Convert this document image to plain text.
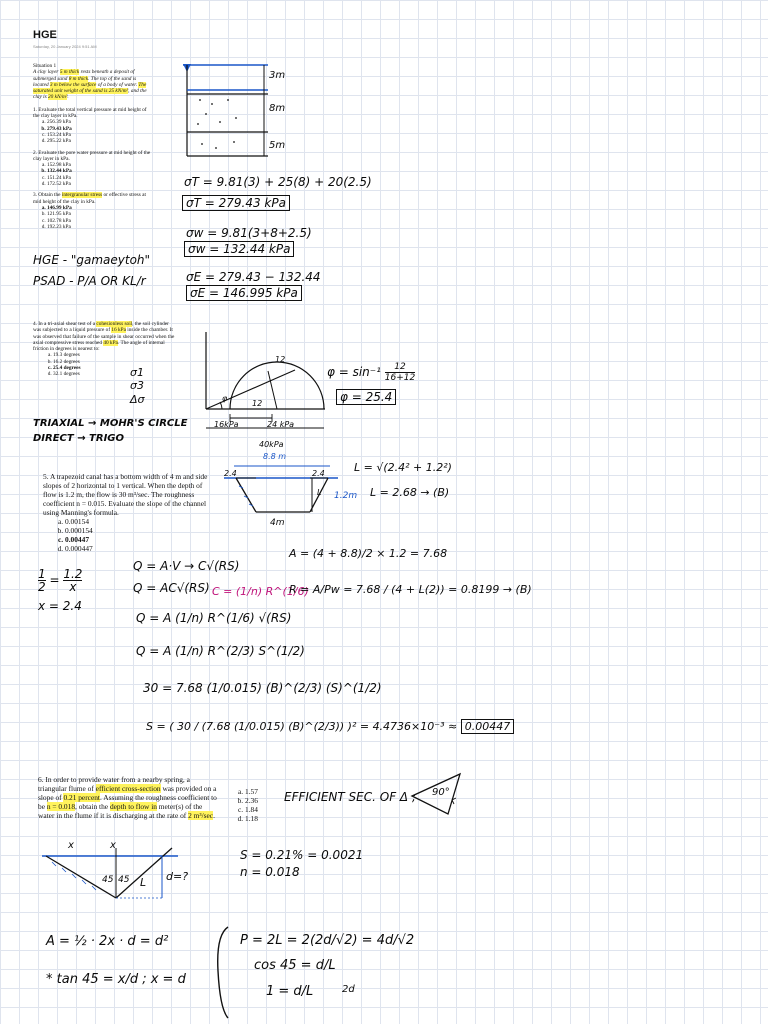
HGE
Saturday, 20 January 2024 9:51 AM
Situation 1
A clay layer 5 m thick rests beneath a deposit of submerged sand 8 m thick. The top of the sand is located 3 m below the surface of a body of water. The saturated unit weight of the sand is 25 kN/m³, and the clay is 20 kN/m³.
1. Evaluate the total vertical pressure at mid height of the clay layer in kPa.
a. 256.39 kPa
b. 279.43 kPa
c. 153.24 kPa
d. 295.22 kPa
2. Evaluate the pore water pressure at mid height of the clay layer in kPa.
a. 152.98 kPa
b. 132.44 kPa
c. 151.24 kPa
d. 172.52 kPa
3. Obtain the intergranular stress or effective stress at mid height of the clay in kPa.
a. 146.99 kPa
b. 121.95 kPa
c. 102.78 kPa
d. 192.23 kPa
3m
8m
5m
σT = 9.81(3) + 25(8) + 20(2.5)
σT = 279.43 kPa
σw = 9.81(3+8+2.5)
σw = 132.44 kPa
σE = 279.43 − 132.44
σE = 146.995 kPa
HGE - "gamaeytoh"
PSAD - P/A OR KL/r
4. In a tri-axial shear test of a cohesionless soil, the soil cylinder was subjected to a liquid pressure of 16 kPa inside the chamber. It was observed that failure of the sample in shear occurred when the axial compressive stress reached 40 kPa. The angle of internal friction in degrees is nearest to:
a. 19.3 degrees
b. 16.2 degrees
c. 25.4 degrees
d. 32.1 degrees	σ1
σ3
Δσ
TRIAXIAL → MOHR'S CIRCLE
DIRECT → TRIGO
12
12
16kPa	24 kPa
40kPa
φ
$\varphi = \sin^{-1} \frac{12}{16+12}$
φ = 25.4
5. A trapezoid canal has a bottom width of 4 m and side slopes of 2 horizontal to 1 vertical. When the depth of flow is 1.2 m, the flow is 30 m³/sec. The roughness coefficient n = 0.015. Evaluate the slope of the channel using Manning's formula.
a. 0.00154
b. 0.000154
c. 0.00447
d. 0.000447
8.8 m
2.4	2.4
L 1.2m
4m
L = √(2.4² + 1.2²)
L = 2.68 → (B)
$\frac{1}{2} = \frac{1.2}{x}$
x = 2.4
Q = A·V → C√(RS)
Q = AC√(RS) C = (1/n) R^(1/6)
Q = A (1/n) R^(1/6) √(RS)
Q = A (1/n) R^(2/3) S^(1/2)
30 = 7.68 (1/0.015) (B)^(2/3) (S)^(1/2)
S = ( 30 / (7.68 (1/0.015) (B)^(2/3)) )² = 4.4736×10⁻³ ≈ 0.00447
A = (4 + 8.8)/2 × 1.2 = 7.68
R = A/Pw = 7.68 / (4 + L(2)) = 0.8199 → (B)
6. In order to provide water from a nearby spring, a triangular flume of efficient cross-section was provided on a slope of 0.21 percent. Assuming the roughness coefficient to be n = 0.018, obtain the depth to flow in meter(s) of the water in the flume if it is discharging at the rate of 2 m³/sec.
a. 1.57
b. 2.36
c. 1.84
d. 1.18
EFFICIENT SEC. OF Δ ; 90°
x	x
45 45 L d=?
S = 0.21% = 0.0021
n = 0.018
A = ½ · 2x · d = d²
* tan 45 = x/d ; x = d
P = 2L = 2(2d/√2) = 4d/√2
cos 45 = d/L
1 = d/L	2d
